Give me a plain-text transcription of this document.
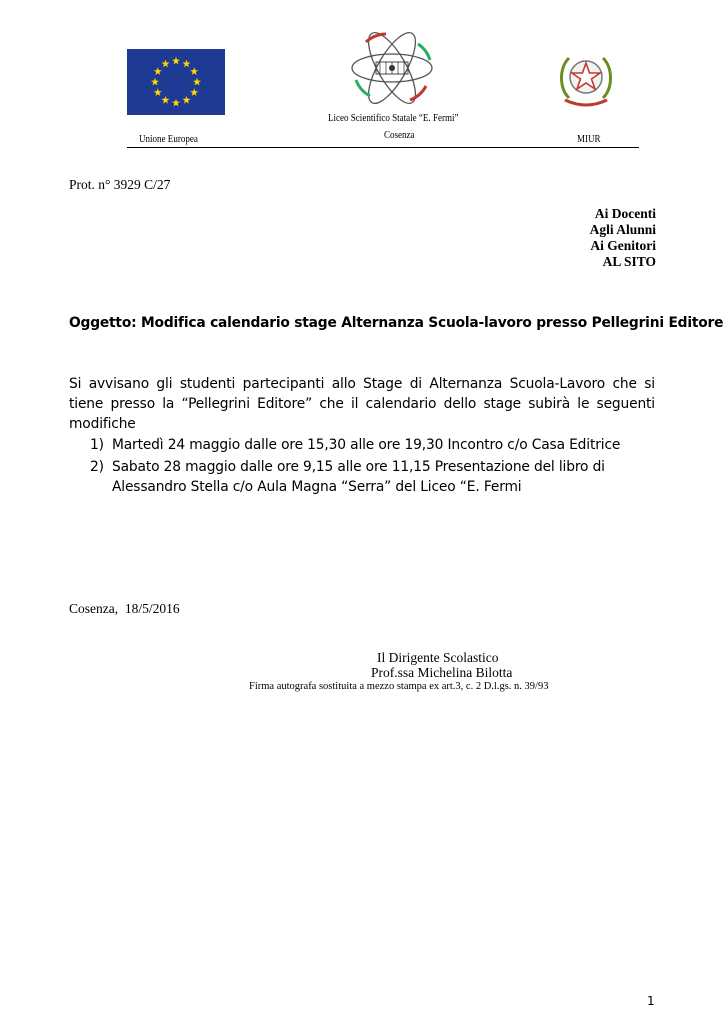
Unione Europea
Liceo Scientifico Statale “E. Fermi”
Cosenza	MIUR
Prot. n° 3929 C/27
Ai Docenti
Agli Alunni
Ai Genitori
AL SITO
Oggetto: Modifica calendario stage Alternanza Scuola-lavoro presso Pellegrini Editore
Si avvisano gli studenti partecipanti allo Stage di Alternanza Scuola-Lavoro che si tiene presso la “Pellegrini Editore” che il calendario dello stage subirà le seguenti modifiche
1) Martedì 24 maggio dalle ore 15,30 alle ore 19,30 Incontro c/o Casa Editrice
2) Sabato 28 maggio dalle ore 9,15 alle ore 11,15 Presentazione del libro di Alessandro Stella c/o Aula Magna “Serra” del Liceo “E. Fermi
Cosenza,  18/5/2016
Il Dirigente Scolastico
Prof.ssa Michelina Bilotta
Firma autografa sostituita a mezzo stampa ex art.3, c. 2 D.l.gs. n. 39/93
1
